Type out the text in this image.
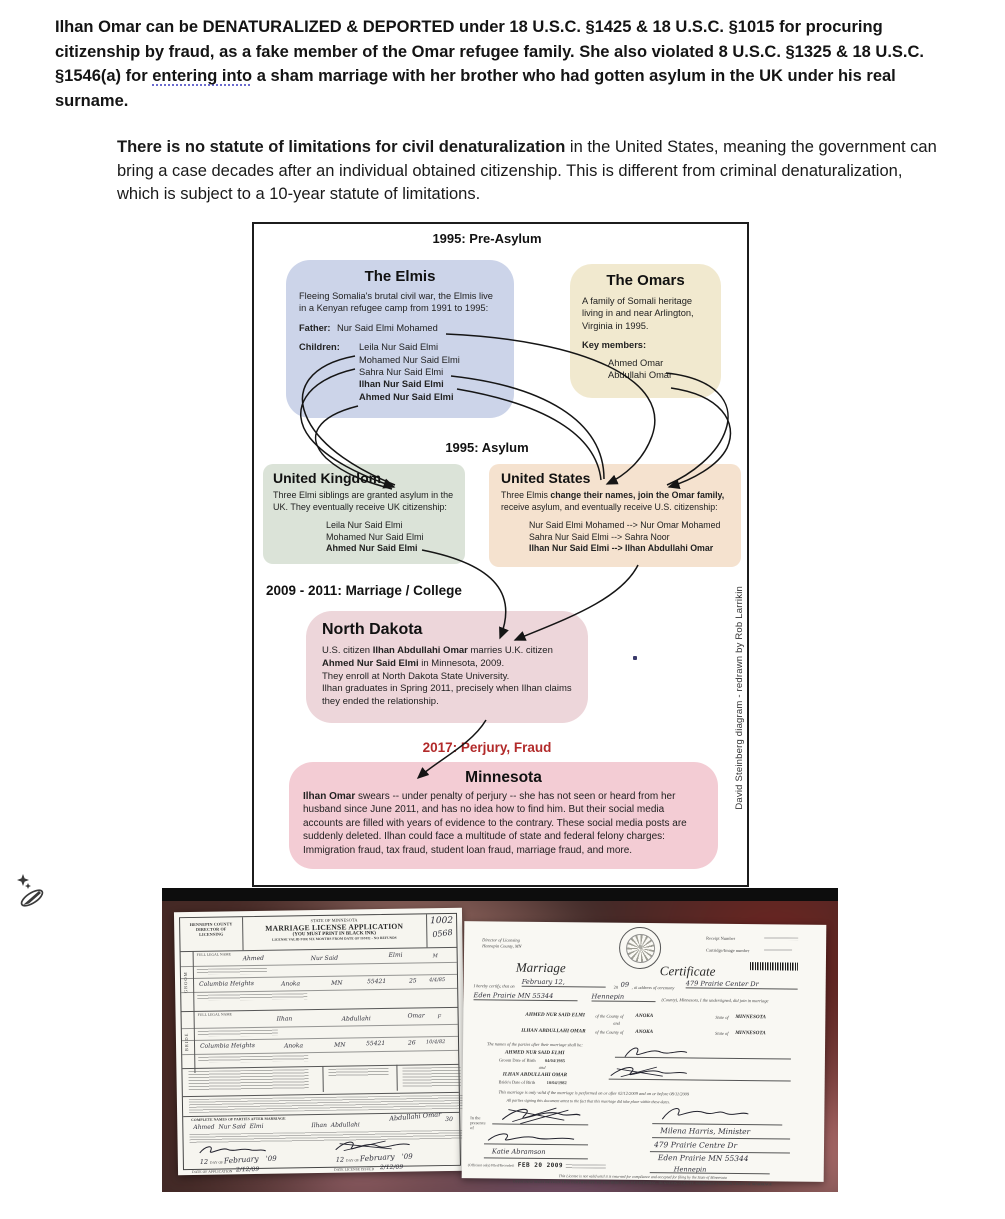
Ilhan Omar can be DENATURALIZED & DEPORTED under 18 U.S.C. §1425 & 18 U.S.C. §1015 for procuring citizenship by fraud, as a fake member of the Omar refugee family. She also violated 8 U.S.C. §1325 & 18 U.S.C. §1546(a) for entering into a sham marriage with her brother who had gotten asylum in the UK under his real surname.
There is no statute of limitations for civil denaturalization in the United States, meaning the government can bring a case decades after an individual obtained citizenship. This is different from criminal denaturalization, which is subject to a 10-year statute of limitations.
1995: Pre-Asylum
The Elmis
Fleeing Somalia's brutal civil war, the Elmis live in a Kenyan refugee camp from 1991 to 1995:
Father: Nur Said Elmi Mohamed
Children:	Leila Nur Said Elmi
Mohamed Nur Said Elmi
Sahra Nur Said Elmi
Ilhan Nur Said Elmi
Ahmed Nur Said Elmi
The Omars
A family of Somali heritage living in and near Arlington, Virginia in 1995.
Key members:
Ahmed Omar
Abdullahi Omar
1995: Asylum
United Kingdom
Three Elmi siblings are granted asylum in the UK. They eventually receive UK citizenship:
Leila Nur Said Elmi
Mohamed Nur Said Elmi
Ahmed Nur Said Elmi
United States
Three Elmis change their names, join the Omar family, receive asylum, and eventually receive U.S. citizenship:
Nur Said Elmi Mohamed --> Nur Omar Mohamed
Sahra Nur Said Elmi --> Sahra Noor
Ilhan Nur Said Elmi --> Ilhan Abdullahi Omar
2009 - 2011: Marriage / College
North Dakota
U.S. citizen Ilhan Abdullahi Omar marries U.K. citizen Ahmed Nur Said Elmi in Minnesota, 2009.
They enroll at North Dakota State University.
Ilhan graduates in Spring 2011, precisely when Ilhan claims they ended the relationship.
2017: Perjury, Fraud
Minnesota
Ilhan Omar swears -- under penalty of perjury -- she has not seen or heard from her husband since June 2011, and has no idea how to find him. But their social media accounts are filled with years of evidence to the contrary. These social media posts are suddenly deleted. Ilhan could face a multitude of state and federal felony charges: Immigration fraud, tax fraud, student loan fraud, marriage fraud, and more.
David Steinberg diagram - redrawn by Rob Larrikin
HENNEPIN COUNTY DIRECTOR OF LICENSING
STATE OF MINNESOTA
MARRIAGE LICENSE APPLICATION
(YOU MUST PRINT IN BLACK INK)
LICENSE VALID FOR SIX MONTHS FROM DATE OF ISSUE - NO REFUNDS
1002
0568
GROOM
FULL LEGAL NAME
Ahmed	Nur Said	Elmi	M
Columbia Heights	Anoka	MN	55421	25 4/4/85
BRIDE
FULL LEGAL NAME
Ilhan	Abdullahi	Omar	F
Columbia Heights	Anoka	MN	55421	26 10/4/82
COMPLETE NAMES OF PARTIES AFTER MARRIAGE
Ahmed  Nur Said  Elmi	Ilhan  Abdullahi
Abdullahi Omar 30
12 DAY OF February '09	12 DAY OF February '09
DATE OF APPLICATION 2/12/09	DATE LICENSE ISSUED 2/12/09
Director of Licensing
Hennepin County, MN
Receipt Number
Cartridge/Image number
Marriage	Certificate
I hereby certify, that on February 12,
20 09 , at address of ceremony 479 Prairie Center Dr
Eden Prairie MN 55344	Hennepin	(County), Minnesota, I the undersigned, did join in marriage
AHMED NUR SAID ELMI of the County of ANOKA	State of MINNESOTA
and
ILHAN ABDULLAHI OMAR of the County of ANOKA	State of MINNESOTA
The names of the parties after their marriage shall be:
AHMED NUR SAID ELMI
Groom Date of Birth 04/04/1985
and
ILHAN ABDULLAHI OMAR
Bride's Date of Birth	10/04/1982
This marriage is only valid if the marriage is performed on or after 02/12/2009 and on or before 08/11/2009
All parties signing this document attest to the fact that this marriage did take place within these dates.
In the presence of
Katie Abramson
(Officiant only) Filed/Recorded: FEB 20 2009
Milena Harris, Minister
479 Prairie Centre Dr
Eden Prairie MN 55344
Hennepin
This License is not valid until it is returned for compliance and accepted for filing by the State of Minnesota
OFFICIANT MUST RETURN THIS CERTIFICATE TO THE DIRECTOR OF LICENSING, HENNEPIN COUNTY, MINNESOTA WITHIN 5 DAYS OF MARRIAGE
